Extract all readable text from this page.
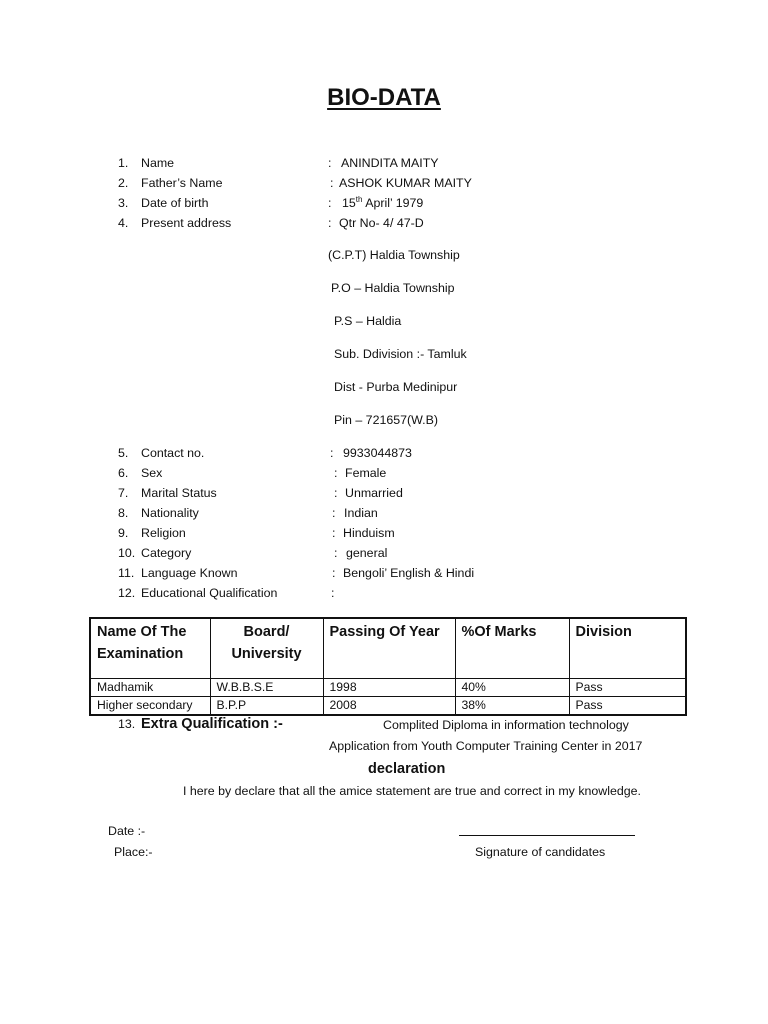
BIO-DATA
1.	Name	: ANINDITA MAITY
2.	Father’s Name	: ASHOK KUMAR MAITY
3.	Date of birth	: 15th April’ 1979
4.	Present address	: Qtr No- 4/ 47-D
(C.P.T) Haldia Township
P.O – Haldia Township
P.S – Haldia
Sub. Ddivision :- Tamluk
Dist - Purba Medinipur
Pin – 721657(W.B)
5.	Contact no.	: 9933044873
6.	Sex	: Female
7.	Marital Status	: Unmarried
8.	Nationality	: Indian
9.	Religion	: Hinduism
10. Category	: general
11. Language Known	: Bengoli’ English & Hindi
12. Educational Qualification	:
Name Of The Examination	Board/ University	Passing Of Year	%Of Marks	Division
Madhamik	W.B.B.S.E	1998	40%	Pass
Higher secondary	B.P.P	2008	38%	Pass
13. Extra Qualification :-	Complited Diploma in information technology
Application from Youth Computer Training Center in 2017
declaration
I here by declare that all the amice statement are true and correct in my knowledge.
Date :-
Place:-	Signature of candidates
